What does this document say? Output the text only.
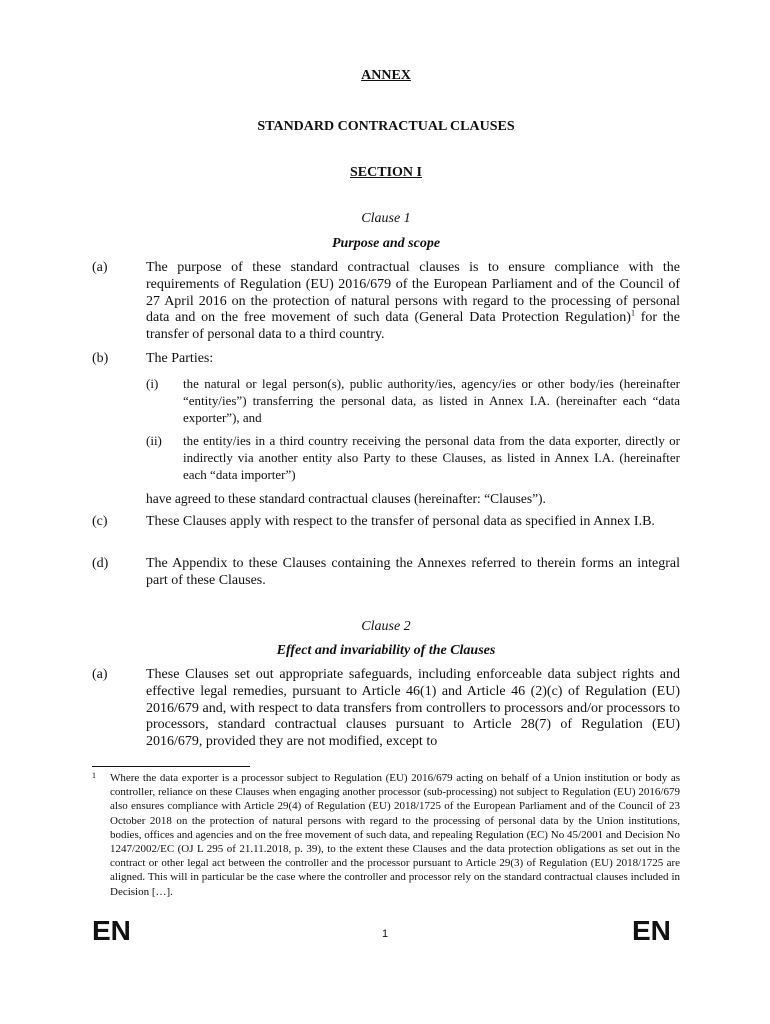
ANNEX
STANDARD CONTRACTUAL CLAUSES
SECTION I
Clause 1
Purpose and scope
(a)	The purpose of these standard contractual clauses is to ensure compliance with the requirements of Regulation (EU) 2016/679 of the European Parliament and of the Council of 27 April 2016 on the protection of natural persons with regard to the processing of personal data and on the free movement of such data (General Data Protection Regulation)$^1$ for the transfer of personal data to a third country.
(b)	The Parties:
(i) the natural or legal person(s), public authority/ies, agency/ies or other body/ies (hereinafter “entity/ies”) transferring the personal data, as listed in Annex I.A. (hereinafter each “data exporter”), and
(ii) the entity/ies in a third country receiving the personal data from the data exporter, directly or indirectly via another entity also Party to these Clauses, as listed in Annex I.A. (hereinafter each “data importer”)
have agreed to these standard contractual clauses (hereinafter: “Clauses”).
(c)	These Clauses apply with respect to the transfer of personal data as specified in Annex I.B.
(d)	The Appendix to these Clauses containing the Annexes referred to therein forms an integral part of these Clauses.
Clause 2
Effect and invariability of the Clauses
(a)	These Clauses set out appropriate safeguards, including enforceable data subject rights and effective legal remedies, pursuant to Article 46(1) and Article 46 (2)(c) of Regulation (EU) 2016/679 and, with respect to data transfers from controllers to processors and/or processors to processors, standard contractual clauses pursuant to Article 28(7) of Regulation (EU) 2016/679, provided they are not modified, except to
1 Where the data exporter is a processor subject to Regulation (EU) 2016/679 acting on behalf of a Union institution or body as controller, reliance on these Clauses when engaging another processor (sub-processing) not subject to Regulation (EU) 2016/679 also ensures compliance with Article 29(4) of Regulation (EU) 2018/1725 of the European Parliament and of the Council of 23 October 2018 on the protection of natural persons with regard to the processing of personal data by the Union institutions, bodies, offices and agencies and on the free movement of such data, and repealing Regulation (EC) No 45/2001 and Decision No 1247/2002/EC (OJ L 295 of 21.11.2018, p. 39), to the extent these Clauses and the data protection obligations as set out in the contract or other legal act between the controller and the processor pursuant to Article 29(3) of Regulation (EU) 2018/1725 are aligned. This will in particular be the case where the controller and processor rely on the standard contractual clauses included in Decision […].
EN	1	EN
